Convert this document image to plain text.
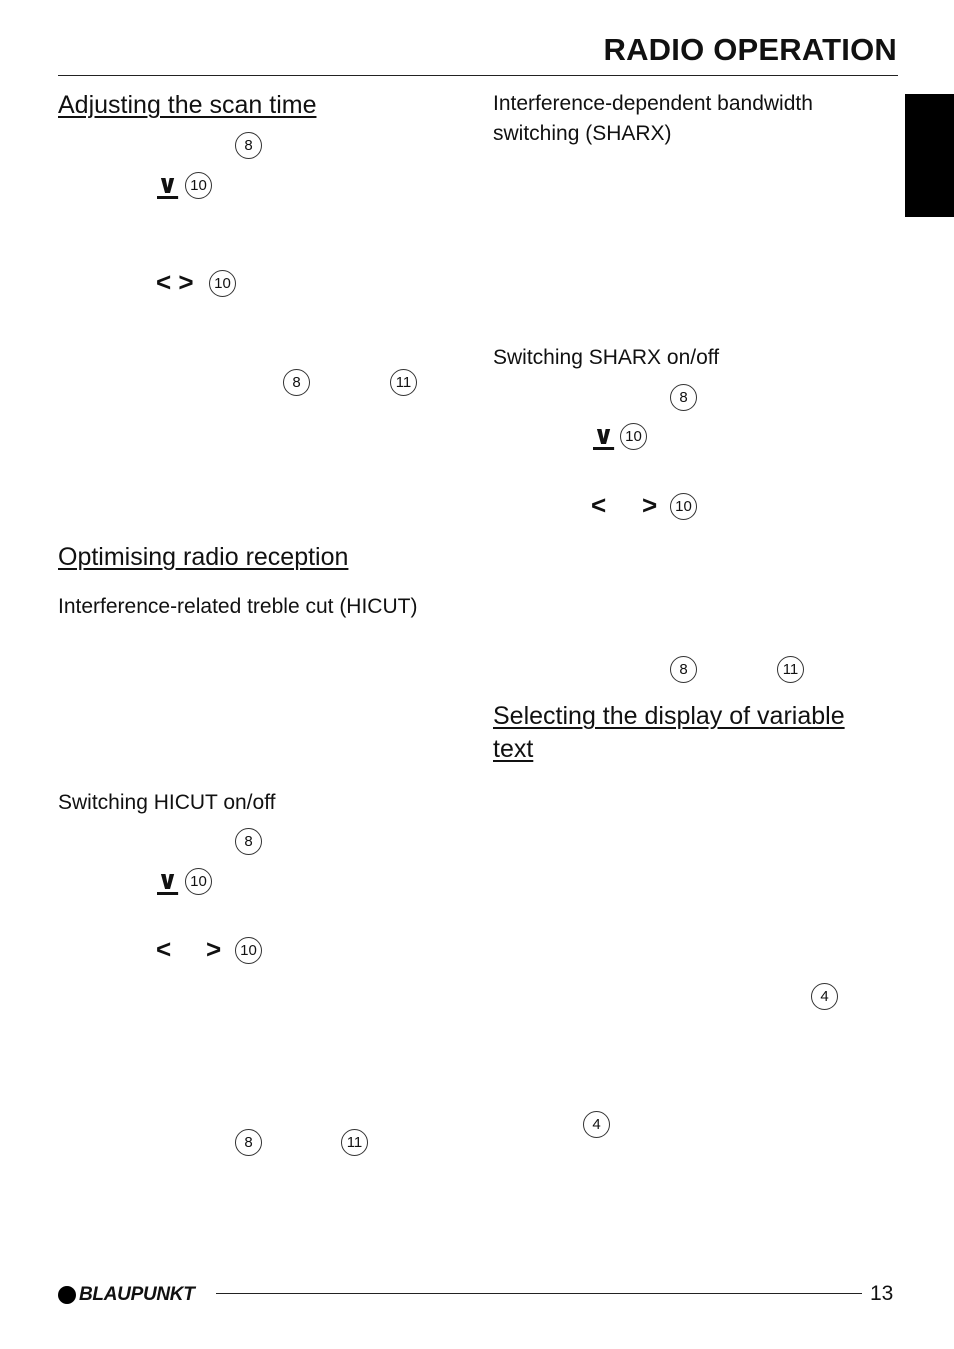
RADIO OPERATION
Adjusting the scan time
8
∨ 10
< >	10
8	11
Optimising radio reception
Interference-related treble cut (HICUT)
Switching HICUT on/off
8
∨ 10
< >	10
8	11
Interference-dependent bandwidth switching (SHARX)
Switching SHARX on/off
8
∨ 10
< >	10
8	11
Selecting the display of variable
text
4
4
BLAUPUNKT	13
